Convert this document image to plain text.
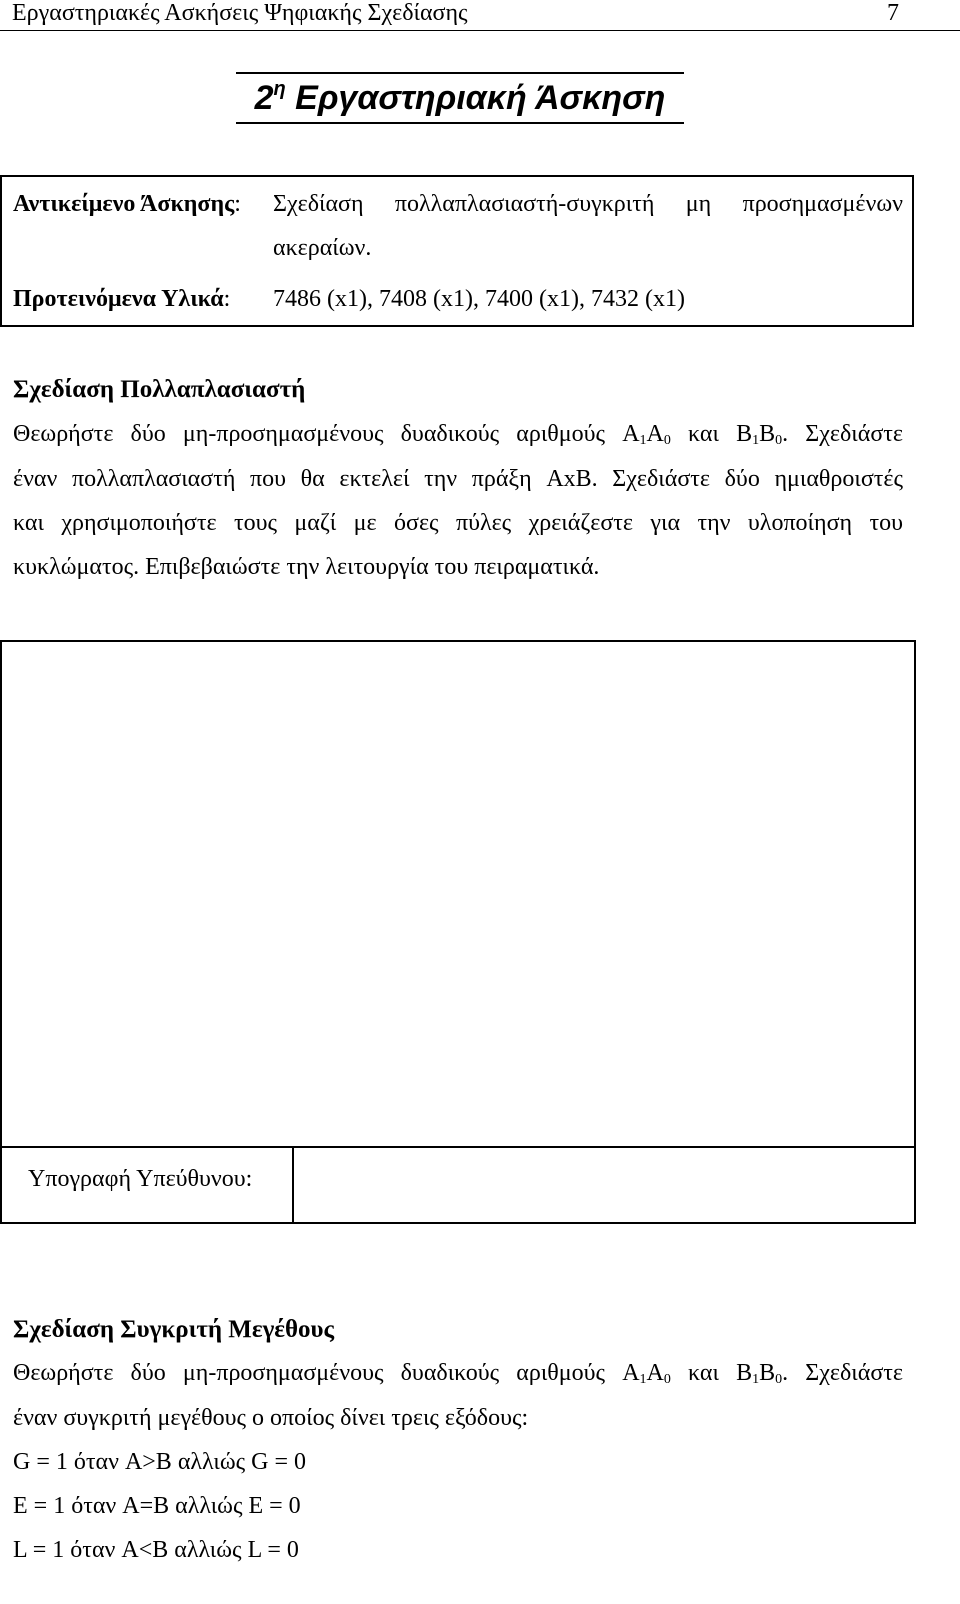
Εργαστηριακές Ασκήσεις Ψηφιακής Σχεδίασης	7
$2^\eta$ Εργαστηριακή Άσκηση
Αντικείμενο Άσκησης: Σχεδίαση πολλαπλασιαστή-συγκριτή μη προσημασμένων
ακεραίων.
Προτεινόμενα Υλικά: 7486 (x1), 7408 (x1), 7400 (x1), 7432 (x1)
Σχεδίαση Πολλαπλασιαστή
Θεωρήστε δύο μη-προσημασμένους δυαδικούς αριθμούς $A_1A_0$ και $B_1B_0$. Σχεδιάστε
έναν πολλαπλασιαστή που θα εκτελεί την πράξη AxB. Σχεδιάστε δύο ημιαθροιστές
και χρησιμοποιήστε τους μαζί με όσες πύλες χρειάζεστε για την υλοποίηση του
κυκλώματος. Επιβεβαιώστε την λειτουργία του πειραματικά.
Υπογραφή Υπεύθυνου:
Σχεδίαση Συγκριτή Μεγέθους
Θεωρήστε δύο μη-προσημασμένους δυαδικούς αριθμούς $A_1A_0$ και $B_1B_0$. Σχεδιάστε
έναν συγκριτή μεγέθους ο οποίος δίνει τρεις εξόδους:
G = 1 όταν A>B αλλιώς G = 0
E = 1 όταν A=B αλλιώς E = 0
L = 1 όταν A<B αλλιώς L = 0
